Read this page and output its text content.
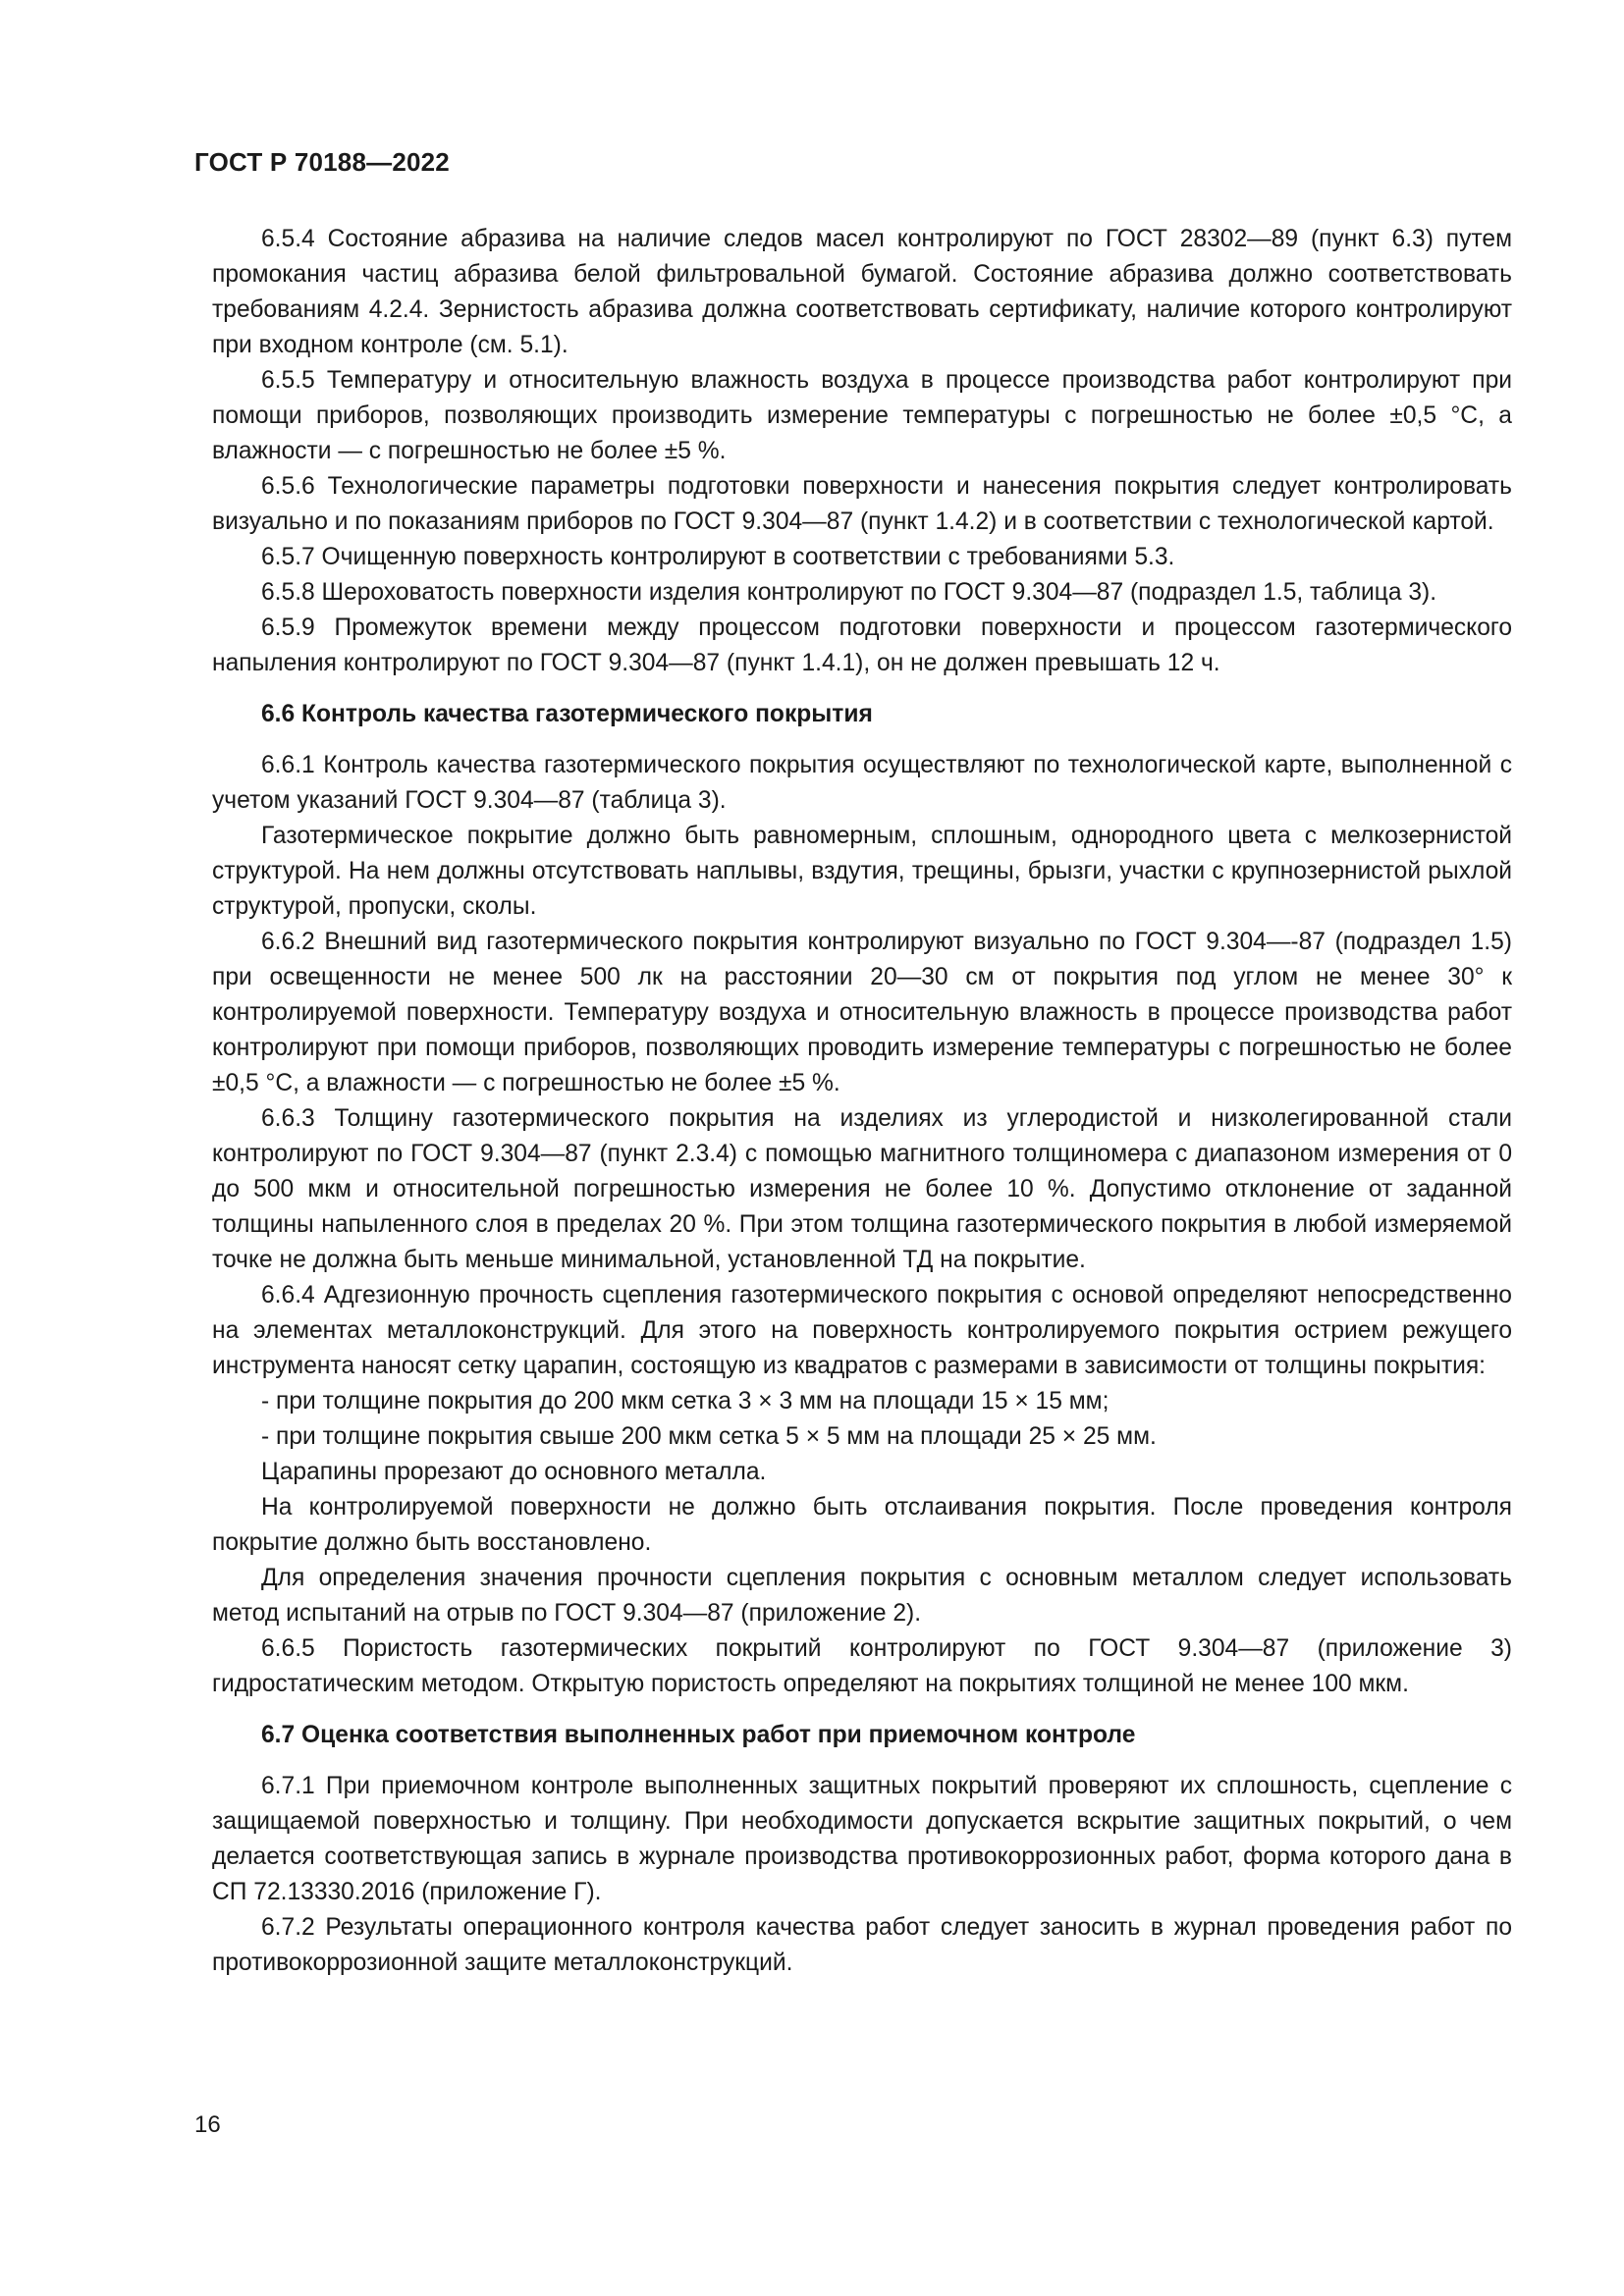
ГОСТ Р 70188—2022

6.5.4 Состояние абразива на наличие следов масел контролируют по ГОСТ 28302—89 (пункт 6.3) путем промокания частиц абразива белой фильтровальной бумагой. Состояние абразива должно соответствовать требованиям 4.2.4. Зернистость абразива должна соответствовать сертификату, наличие которого контролируют при входном контроле (см. 5.1).

6.5.5 Температуру и относительную влажность воздуха в процессе производства работ контролируют при помощи приборов, позволяющих производить измерение температуры с погрешностью не более ±0,5 °С, а влажности — с погрешностью не более ±5 %.

6.5.6 Технологические параметры подготовки поверхности и нанесения покрытия следует контролировать визуально и по показаниям приборов по ГОСТ 9.304—87 (пункт 1.4.2) и в соответствии с технологической картой.

6.5.7 Очищенную поверхность контролируют в соответствии с требованиями 5.3.

6.5.8 Шероховатость поверхности изделия контролируют по ГОСТ 9.304—87 (подраздел 1.5, таблица 3).

6.5.9 Промежуток времени между процессом подготовки поверхности и процессом газотермического напыления контролируют по ГОСТ 9.304—87 (пункт 1.4.1), он не должен превышать 12 ч.

6.6 Контроль качества газотермического покрытия

6.6.1 Контроль качества газотермического покрытия осуществляют по технологической карте, выполненной с учетом указаний ГОСТ 9.304—87 (таблица 3).

Газотермическое покрытие должно быть равномерным, сплошным, однородного цвета с мелкозернистой структурой. На нем должны отсутствовать наплывы, вздутия, трещины, брызги, участки с крупнозернистой рыхлой структурой, пропуски, сколы.

6.6.2 Внешний вид газотермического покрытия контролируют визуально по ГОСТ 9.304—-87 (подраздел 1.5) при освещенности не менее 500 лк на расстоянии 20—30 см от покрытия под углом не менее 30° к контролируемой поверхности. Температуру воздуха и относительную влажность в процессе производства работ контролируют при помощи приборов, позволяющих проводить измерение температуры с погрешностью не более ±0,5 °С, а влажности — с погрешностью не более ±5 %.

6.6.3 Толщину газотермического покрытия на изделиях из углеродистой и низколегированной стали контролируют по ГОСТ 9.304—87 (пункт 2.3.4) с помощью магнитного толщиномера с диапазоном измерения от 0 до 500 мкм и относительной погрешностью измерения не более 10 %. Допустимо отклонение от заданной толщины напыленного слоя в пределах 20 %. При этом толщина газотермического покрытия в любой измеряемой точке не должна быть меньше минимальной, установленной ТД на покрытие.

6.6.4 Адгезионную прочность сцепления газотермического покрытия с основой определяют непосредственно на элементах металлоконструкций. Для этого на поверхность контролируемого покрытия острием режущего инструмента наносят сетку царапин, состоящую из квадратов с размерами в зависимости от толщины покрытия:

- при толщине покрытия до 200 мкм сетка 3 × 3 мм на площади 15 × 15 мм;

- при толщине покрытия свыше 200 мкм сетка 5 × 5 мм на площади 25 × 25 мм.

Царапины прорезают до основного металла.

На контролируемой поверхности не должно быть отслаивания покрытия. После проведения контроля покрытие должно быть восстановлено.

Для определения значения прочности сцепления покрытия с основным металлом следует использовать метод испытаний на отрыв по ГОСТ 9.304—87 (приложение 2).

6.6.5 Пористость газотермических покрытий контролируют по ГОСТ 9.304—87 (приложение 3) гидростатическим методом. Открытую пористость определяют на покрытиях толщиной не менее 100 мкм.

6.7 Оценка соответствия выполненных работ при приемочном контроле

6.7.1 При приемочном контроле выполненных защитных покрытий проверяют их сплошность, сцепление с защищаемой поверхностью и толщину. При необходимости допускается вскрытие защитных покрытий, о чем делается соответствующая запись в журнале производства противокоррозионных работ, форма которого дана в СП 72.13330.2016 (приложение Г).

6.7.2 Результаты операционного контроля качества работ следует заносить в журнал проведения работ по противокоррозионной защите металлоконструкций.

16
